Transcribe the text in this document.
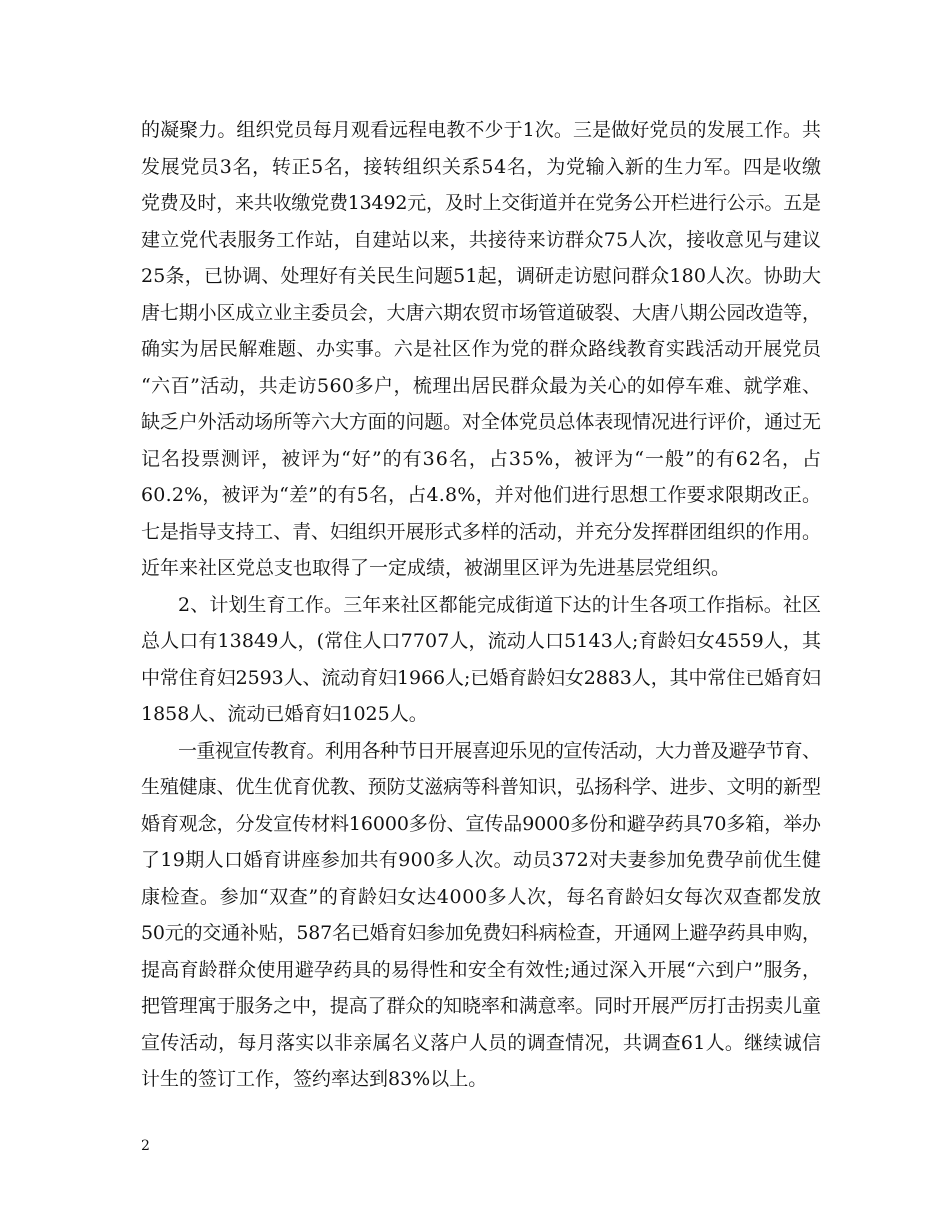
的凝聚力。组织党员每月观看远程电教不少于1次。三是做好党员的发展工作。共
发展党员3名，转正5名，接转组织关系54名，为党输入新的生力军。四是收缴
党费及时，来共收缴党费13492元，及时上交街道并在党务公开栏进行公示。五是
建立党代表服务工作站，自建站以来，共接待来访群众75人次，接收意见与建议
25条，已协调、处理好有关民生问题51起，调研走访慰问群众180人次。协助大
唐七期小区成立业主委员会，大唐六期农贸市场管道破裂、大唐八期公园改造等，
确实为居民解难题、办实事。六是社区作为党的群众路线教育实践活动开展党员
“六百”活动，共走访560多户，梳理出居民群众最为关心的如停车难、就学难、
缺乏户外活动场所等六大方面的问题。对全体党员总体表现情况进行评价，通过无
记名投票测评，被评为“好”的有36名，占35%，被评为“一般”的有62名，占
60.2%，被评为“差”的有5名，占4.8%，并对他们进行思想工作要求限期改正。
七是指导支持工、青、妇组织开展形式多样的活动，并充分发挥群团组织的作用。
近年来社区党总支也取得了一定成绩，被湖里区评为先进基层党组织。
2、计划生育工作。三年来社区都能完成街道下达的计生各项工作指标。社区
总人口有13849人，(常住人口7707人，流动人口5143人;育龄妇女4559人，其
中常住育妇2593人、流动育妇1966人;已婚育龄妇女2883人，其中常住已婚育妇
1858人、流动已婚育妇1025人。
一重视宣传教育。利用各种节日开展喜迎乐见的宣传活动，大力普及避孕节育、
生殖健康、优生优育优教、预防艾滋病等科普知识，弘扬科学、进步、文明的新型
婚育观念，分发宣传材料16000多份、宣传品9000多份和避孕药具70多箱，举办
了19期人口婚育讲座参加共有900多人次。动员372对夫妻参加免费孕前优生健
康检查。参加“双查”的育龄妇女达4000多人次，每名育龄妇女每次双查都发放
50元的交通补贴，587名已婚育妇参加免费妇科病检查，开通网上避孕药具申购，
提高育龄群众使用避孕药具的易得性和安全有效性;通过深入开展“六到户”服务，
把管理寓于服务之中，提高了群众的知晓率和满意率。同时开展严厉打击拐卖儿童
宣传活动，每月落实以非亲属名义落户人员的调查情况，共调查61人。继续诚信
计生的签订工作，签约率达到83%以上。
2
